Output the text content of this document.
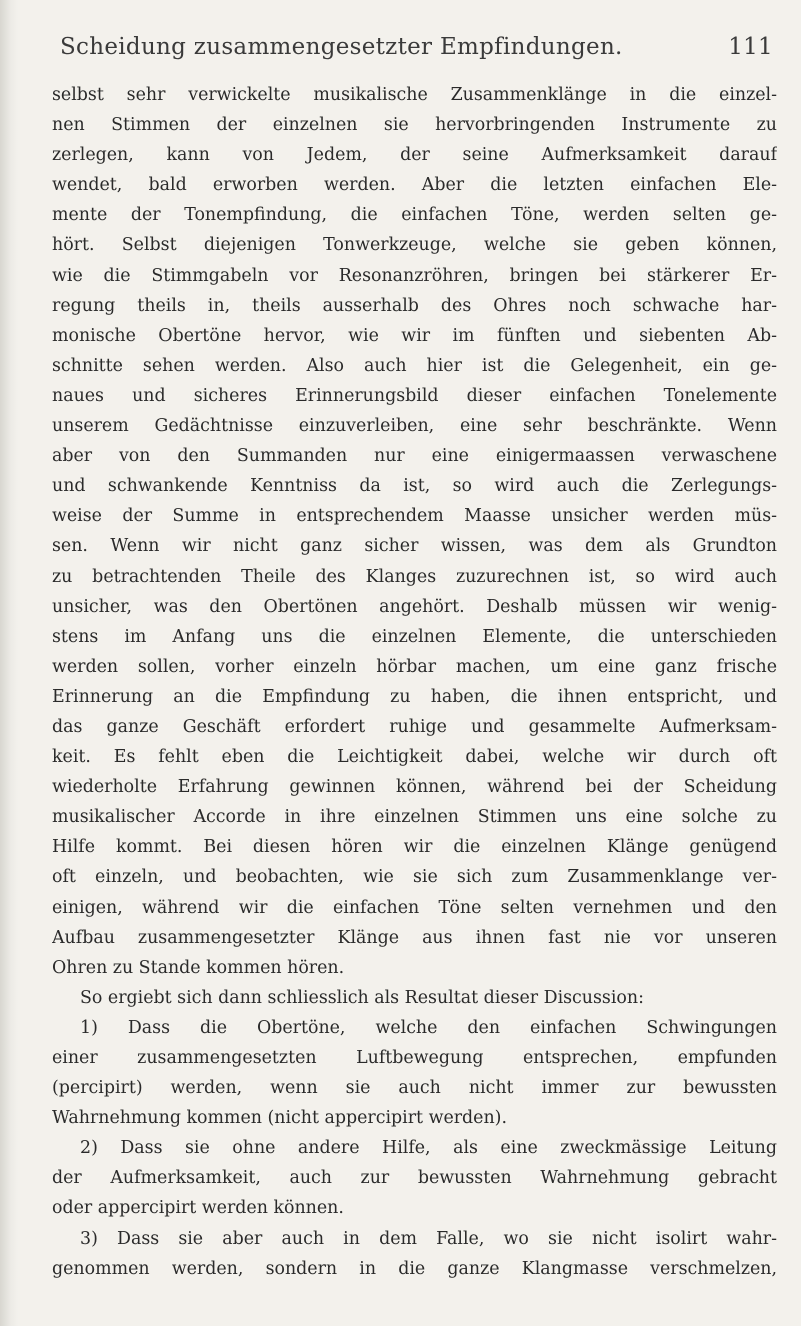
Scheidung zusammengesetzter Empfindungen.	111
selbst sehr verwickelte musikalische Zusammenklänge in die einzel-
nen Stimmen der einzelnen sie hervorbringenden Instrumente zu
zerlegen, kann von Jedem, der seine Aufmerksamkeit darauf
wendet, bald erworben werden. Aber die letzten einfachen Ele-
mente der Tonempfindung, die einfachen Töne, werden selten ge-
hört. Selbst diejenigen Tonwerkzeuge, welche sie geben können,
wie die Stimmgabeln vor Resonanzröhren, bringen bei stärkerer Er-
regung theils in, theils ausserhalb des Ohres noch schwache har-
monische Obertöne hervor, wie wir im fünften und siebenten Ab-
schnitte sehen werden. Also auch hier ist die Gelegenheit, ein ge-
naues und sicheres Erinnerungsbild dieser einfachen Tonelemente
unserem Gedächtnisse einzuverleiben, eine sehr beschränkte. Wenn
aber von den Summanden nur eine einigermaassen verwaschene
und schwankende Kenntniss da ist, so wird auch die Zerlegungs-
weise der Summe in entsprechendem Maasse unsicher werden müs-
sen. Wenn wir nicht ganz sicher wissen, was dem als Grundton
zu betrachtenden Theile des Klanges zuzurechnen ist, so wird auch
unsicher, was den Obertönen angehört. Deshalb müssen wir wenig-
stens im Anfang uns die einzelnen Elemente, die unterschieden
werden sollen, vorher einzeln hörbar machen, um eine ganz frische
Erinnerung an die Empfindung zu haben, die ihnen entspricht, und
das ganze Geschäft erfordert ruhige und gesammelte Aufmerksam-
keit. Es fehlt eben die Leichtigkeit dabei, welche wir durch oft
wiederholte Erfahrung gewinnen können, während bei der Scheidung
musikalischer Accorde in ihre einzelnen Stimmen uns eine solche zu
Hilfe kommt. Bei diesen hören wir die einzelnen Klänge genügend
oft einzeln, und beobachten, wie sie sich zum Zusammenklange ver-
einigen, während wir die einfachen Töne selten vernehmen und den
Aufbau zusammengesetzter Klänge aus ihnen fast nie vor unseren
Ohren zu Stande kommen hören.
So ergiebt sich dann schliesslich als Resultat dieser Discussion:
1) Dass die Obertöne, welche den einfachen Schwingungen
einer zusammengesetzten Luftbewegung entsprechen, empfunden
(percipirt) werden, wenn sie auch nicht immer zur bewussten
Wahrnehmung kommen (nicht appercipirt werden).
2) Dass sie ohne andere Hilfe, als eine zweckmässige Leitung
der Aufmerksamkeit, auch zur bewussten Wahrnehmung gebracht
oder appercipirt werden können.
3) Dass sie aber auch in dem Falle, wo sie nicht isolirt wahr-
genommen werden, sondern in die ganze Klangmasse verschmelzen,
